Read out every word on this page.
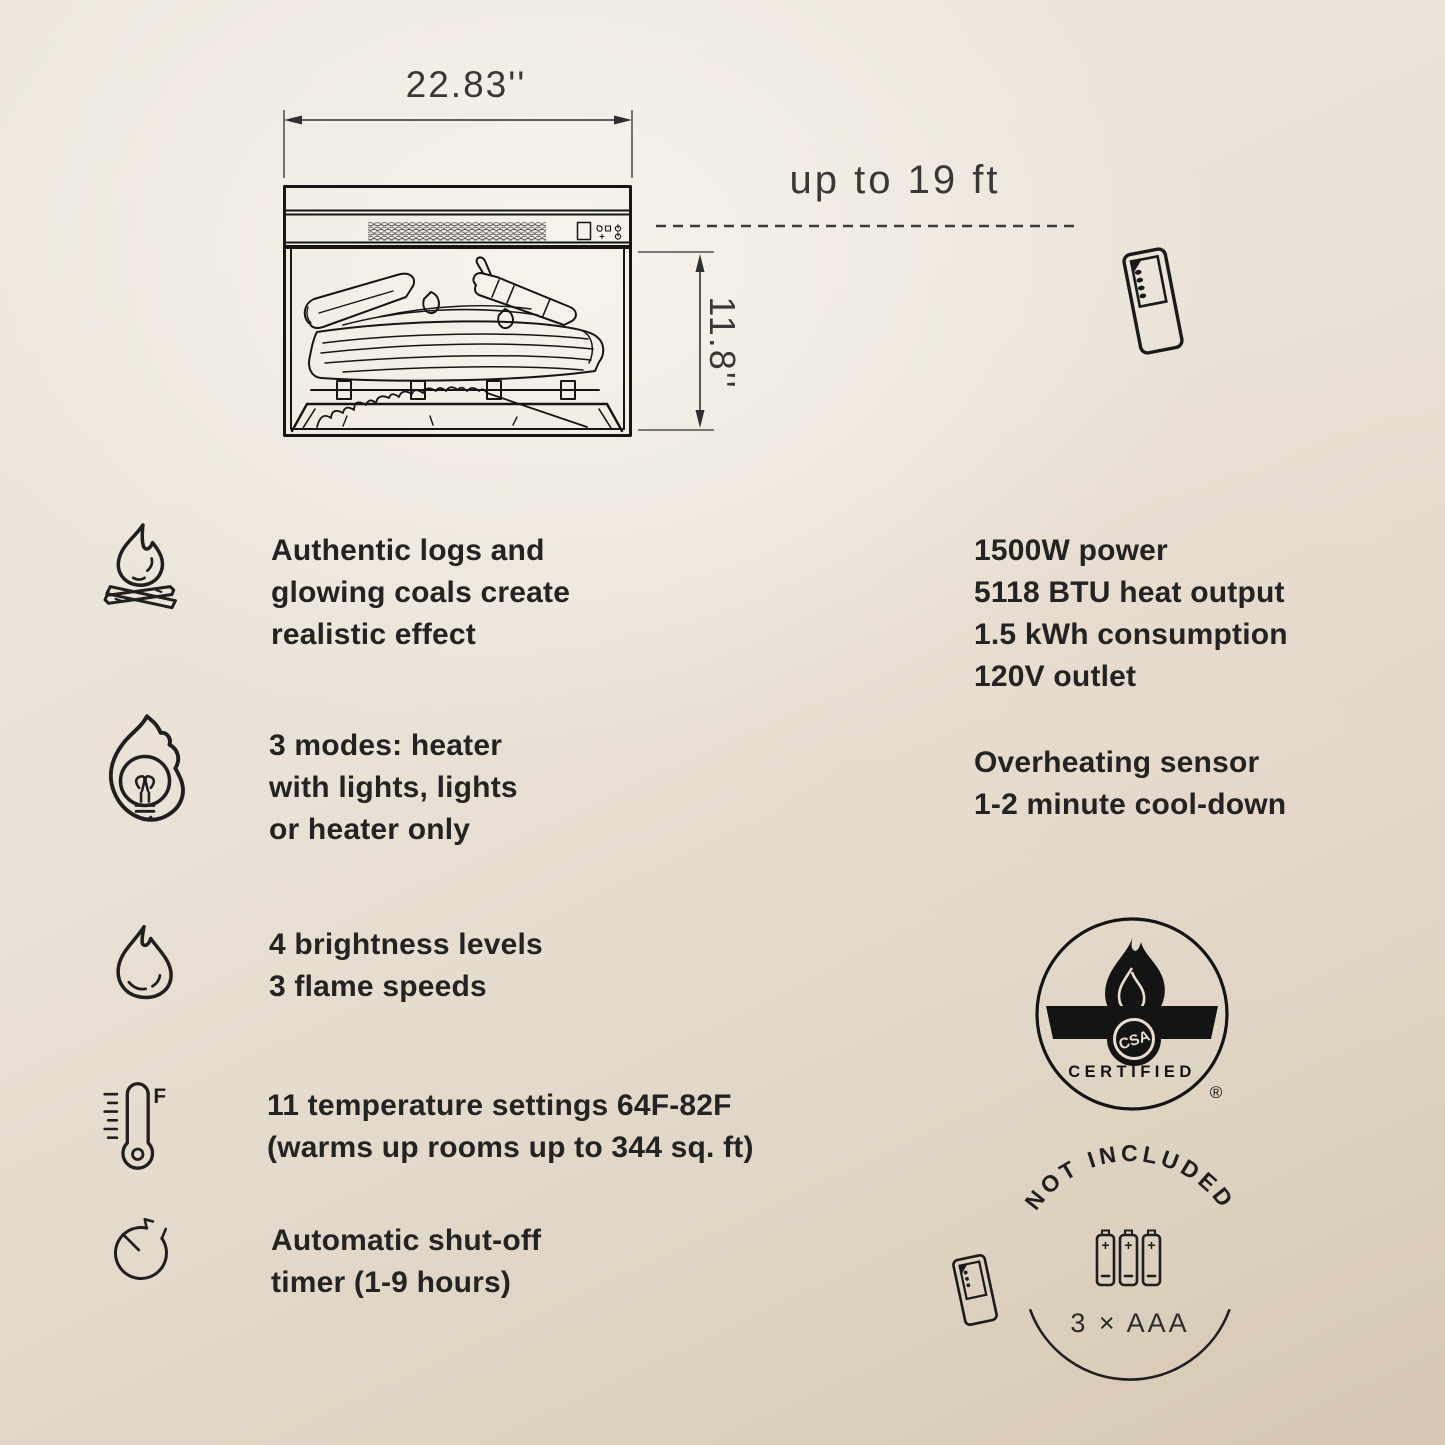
22.83''
up to 19 ft
11.8''
Authentic logs and
glowing coals create
realistic effect
3 modes: heater
with lights, lights
or heater only
4 brightness levels
3 flame speeds
F	11 temperature settings 64F-82F
(warms up rooms up to 344 sq. ft)
Automatic shut-off
timer (1-9 hours)
1500W power
5118 BTU heat output
1.5 kWh consumption
120V outlet
Overheating sensor
1-2 minute cool-down
CSA
CERTIFIED
®
NOT INCLUDED
+ + +
3 × AAA
